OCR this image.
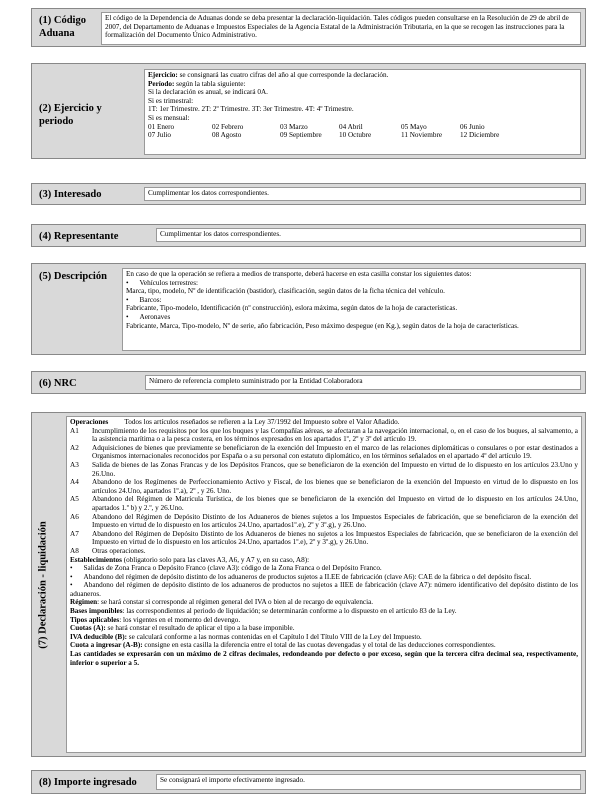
(1) Código
Aduana

El código de la Dependencia de Aduanas donde se deba presentar la declaración-liquidación. Tales códigos pueden consultarse en la Resolución de 29 de abril de 2007, del Departamento de Aduanas e Impuestos Especiales de la Agencia Estatal de la Administración Tributaria, en la que se recogen las instrucciones para la formalización del Documento Único Administrativo.

(2) Ejercicio y
periodo

Ejercicio: se consignará las cuatro cifras del año al que corresponde la declaración.

Período: según la tabla siguiente:

Si la declaración es anual, se indicará 0A.

Si es trimestral:

1T: 1er Trimestre. 2T: 2º Trimestre. 3T: 3er Trimestre. 4T: 4º Trimestre.

Si es mensual:

01 Enero	02 Febrero	03 Marzo	04 Abril	05 Mayo	06 Junio
07 Julio	08 Agosto	09 Septiembre	10 Octubre	11 Noviembre	12 Diciembre
(3) Interesado	Cumplimentar los datos correspondientes.

(4) Representante	Cumplimentar los datos correspondientes.

(5) Descripción	En caso de que la operación se refiera a medios de transporte, deberá hacerse en esta casilla constar los siguientes datos:

• Vehículos terrestres:

Marca, tipo, modelo, Nº de identificación (bastidor), clasificación, según datos de la ficha técnica del vehículo.

• Barcos:

Fabricante, Tipo-modelo, Identificación (nº construcción), eslora máxima, según datos de la hoja de características.

• Aeronaves

Fabricante, Marca, Tipo-modelo, Nº de serie, año fabricación, Peso máximo despegue (en Kg.), según datos de la hoja de características.

(6) NRC	Número de referencia completo suministrado por la Entidad Colaboradora

(7) Declaración - liquidación

Operaciones Todos los artículos reseñados se refieren a la Ley 37/1992 del Impuesto sobre el Valor Añadido.

A1	Incumplimiento de los requisitos por los que los buques y las Compañías aéreas, se afectaran a la navegación internacional, o, en el caso de los buques, al salvamento, a la asistencia marítima o a la pesca costera, en los términos expresados en los apartados 1º, 2º y 3º del artículo 19.
A2	Adquisiciones de bienes que previamente se beneficiaron de la exención del Impuesto en el marco de las relaciones diplomáticas o consulares o por estar destinados a Organismos internacionales reconocidos por España o a su personal con estatuto diplomático, en los términos señalados en el apartado 4º del artículo 19.
A3	Salida de bienes de las Zonas Francas y de los Depósitos Francos, que se beneficiaron de la exención del Impuesto en virtud de lo dispuesto en los artículos 23.Uno y 26.Uno.
A4	Abandono de los Regímenes de Perfeccionamiento Activo y Fiscal, de los bienes que se beneficiaron de la exención del Impuesto en virtud de lo dispuesto en los artículos 24.Uno, apartados 1º.a), 2º , y 26. Uno.
A5	Abandono del Régimen de Matrícula Turística, de los bienes que se beneficiaron de la exención del Impuesto en virtud de lo dispuesto en los artículos 24.Uno, apartados 1.º b) y 2.º, y 26.Uno.
A6	Abandono del Régimen de Depósito Distinto de los Aduaneros de bienes sujetos a los Impuestos Especiales de fabricación, que se beneficiaron de la exención del Impuesto en virtud de lo dispuesto en los artículos 24.Uno, apartados1º.e), 2º y 3º.g), y 26.Uno.
A7	Abandono del Régimen de Depósito Distinto de los Aduaneros de bienes no sujetos a los Impuestos Especiales de fabricación, que se beneficiaron de la exención del Impuesto en virtud de lo dispuesto en los artículos 24.Uno, apartados 1º.e), 2º y 3º.g), y 26.Uno.
A8	Otras operaciones.

Establecimientos (obligatorio solo para las claves A3, A6, y A7 y, en su caso, A8):

• Salidas de Zona Franca o Depósito Franco (clave A3): código de la Zona Franca o del Depósito Franco.

• Abandono del régimen de depósito distinto de los aduaneros de productos sujetos a II.EE de fabricación (clave A6): CAE de la fábrica o del depósito fiscal.

• Abandono del régimen de depósito distinto de los aduaneros de productos no sujetos a IIEE de fabricación (clave A7): número identificativo del depósito distinto de los aduaneros.

Régimen: se hará constar si corresponde al régimen general del IVA o bien al de recargo de equivalencia.

Bases imponibles: las correspondientes al periodo de liquidación; se determinarán conforme a lo dispuesto en el artículo 83 de la Ley.

Tipos aplicables: los vigentes en el momento del devengo.

Cuotas (A): se hará constar el resultado de aplicar el tipo a la base imponible.

IVA deducible (B): se calculará conforme a las normas contenidas en el Capítulo I del Título VIII de la Ley del Impuesto.

Cuota a ingresar (A-B): consigne en esta casilla la diferencia entre el total de las cuotas devengadas y el total de las deducciones correspondientes.

Las cantidades se expresarán con un máximo de 2 cifras decimales, redondeando por defecto o por exceso, según que la tercera cifra decimal sea, respectivamente, inferior o superior a 5.

(8) Importe ingresado	Se consignará el importe efectivamente ingresado.
